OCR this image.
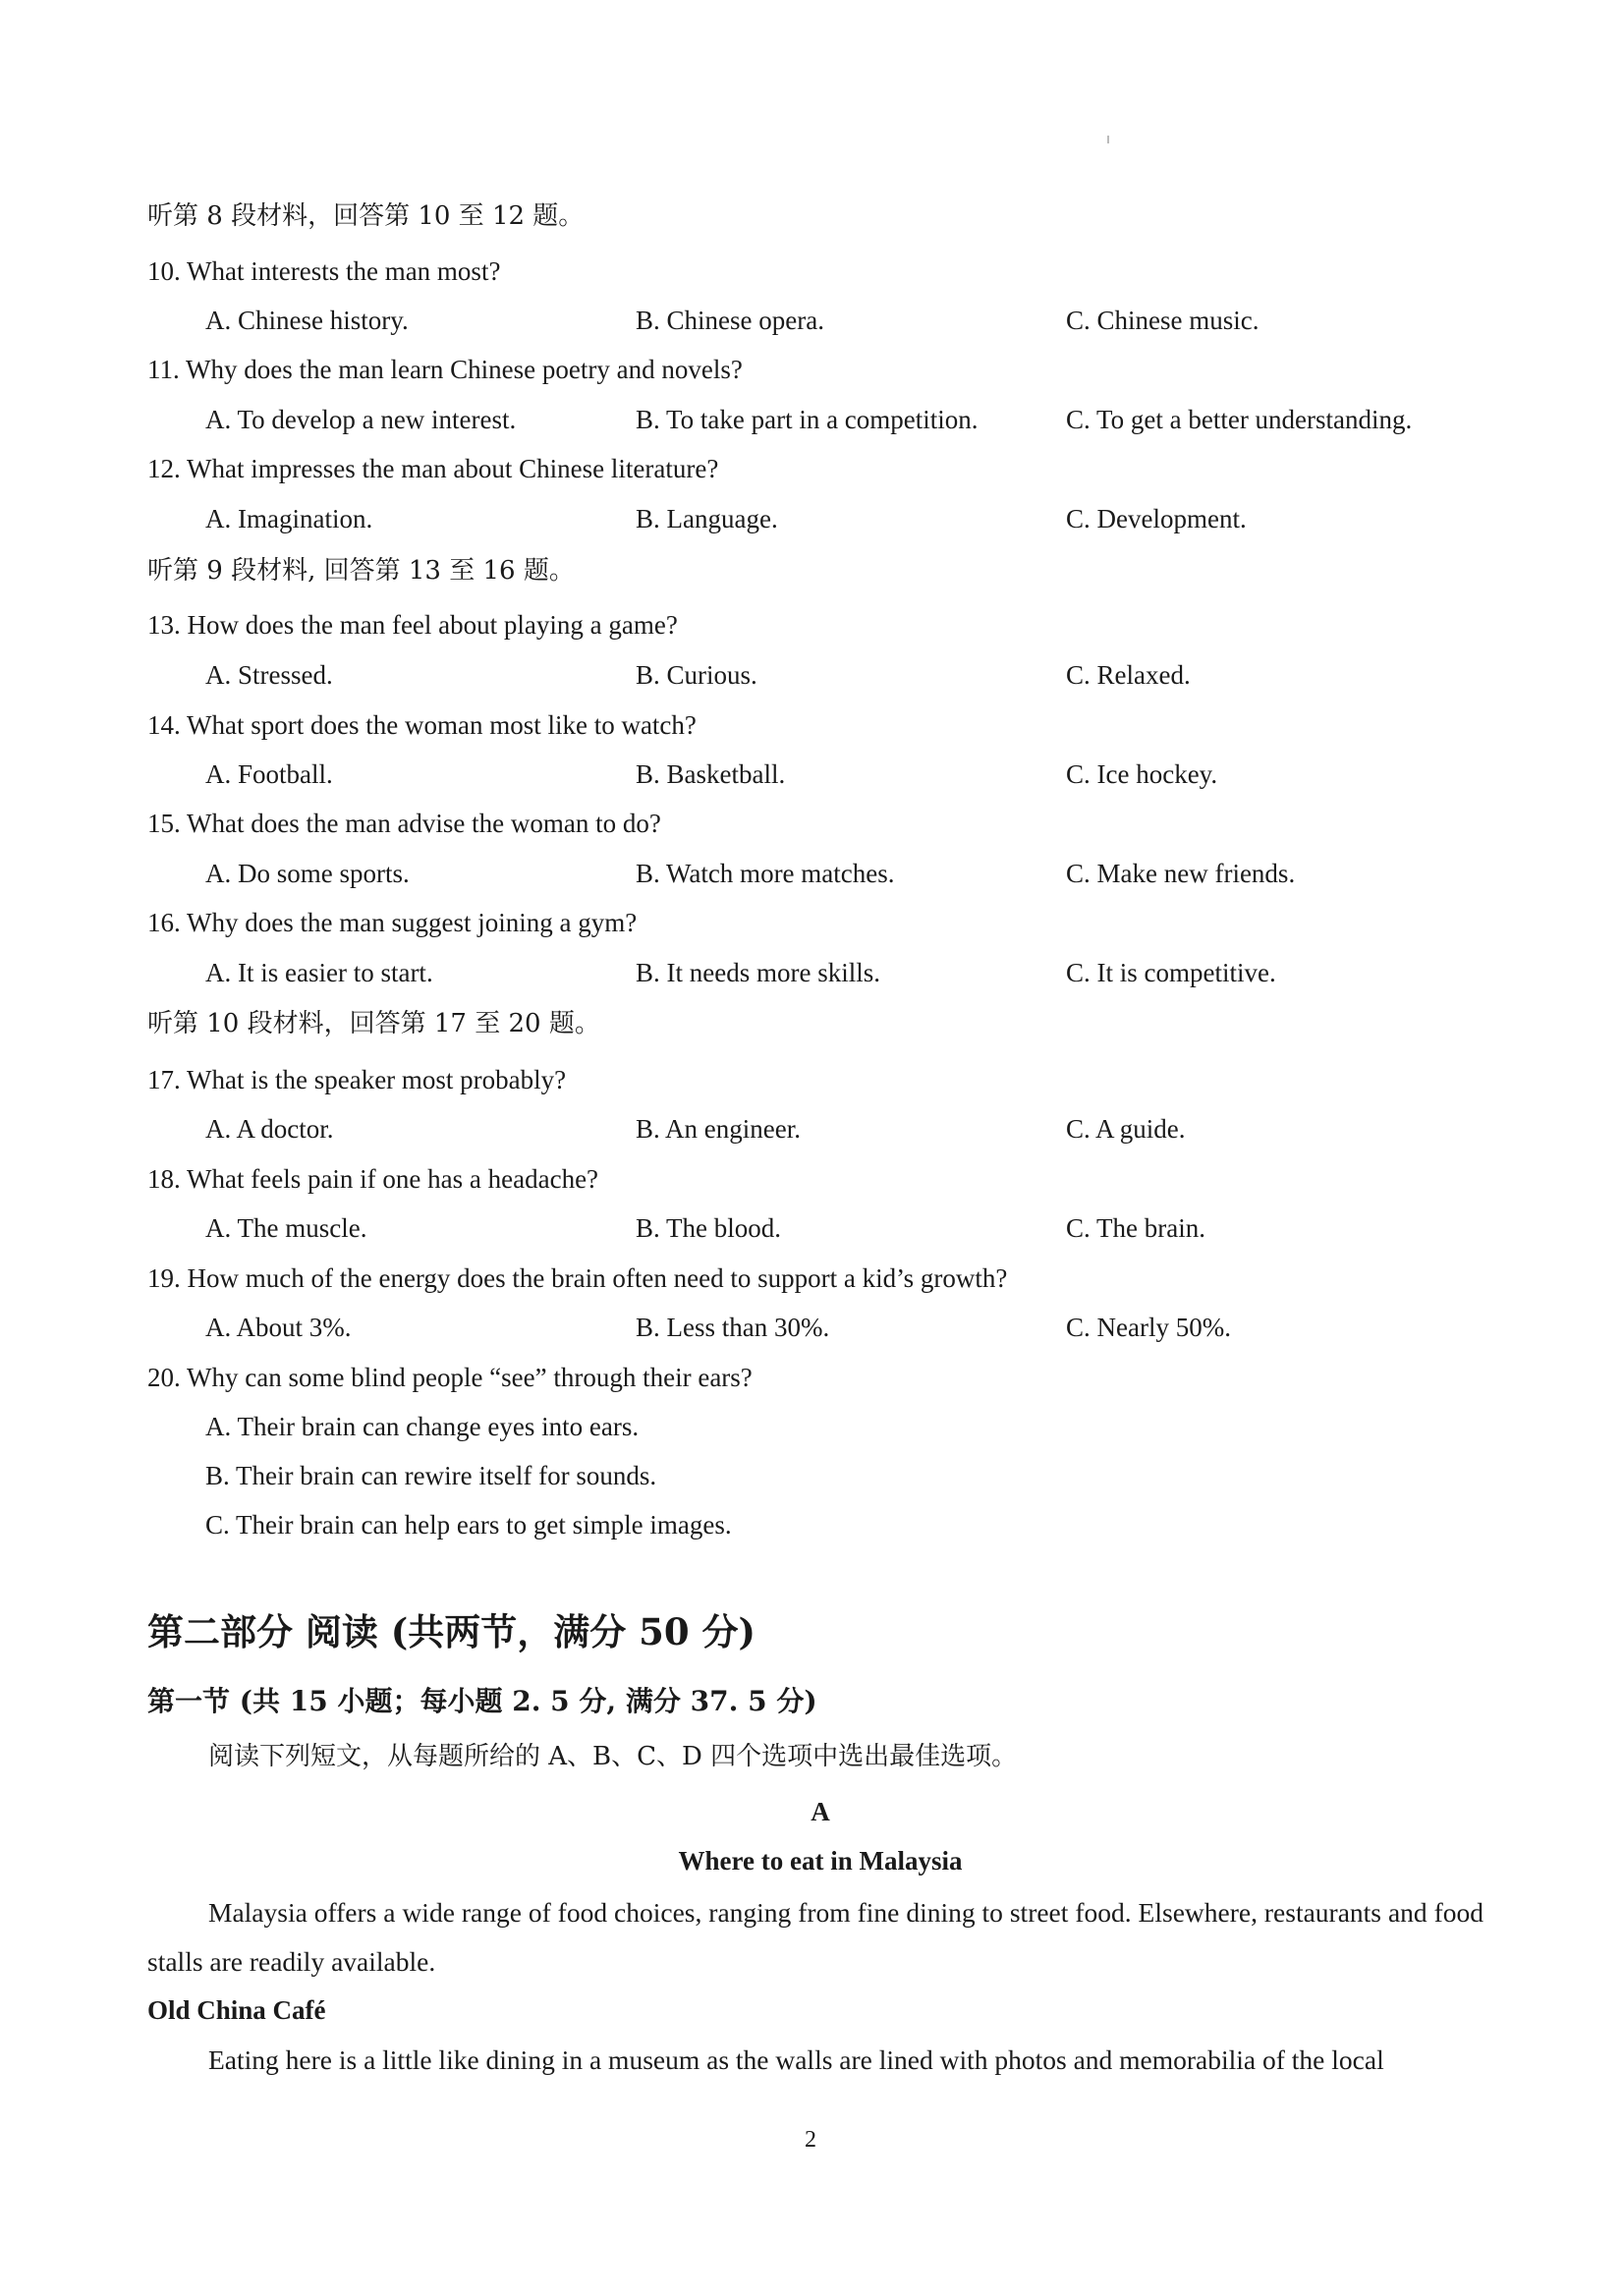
听第 8 段材料，回答第 10 至 12 题。
10. What interests the man most?
A. Chinese history.	B. Chinese opera.	C. Chinese music.
11. Why does the man learn Chinese poetry and novels?
A. To develop a new interest.	B. To take part in a competition.	C. To get a better understanding.
12. What impresses the man about Chinese literature?
A. Imagination.	B. Language.	C. Development.
听第 9 段材料, 回答第 13 至 16 题。
13. How does the man feel about playing a game?
A. Stressed.	B. Curious.	C. Relaxed.
14. What sport does the woman most like to watch?
A. Football.	B. Basketball.	C. Ice hockey.
15. What does the man advise the woman to do?
A. Do some sports.	B. Watch more matches.	C. Make new friends.
16. Why does the man suggest joining a gym?
A. It is easier to start.	B. It needs more skills.	C. It is competitive.
听第 10 段材料，回答第 17 至 20 题。
17. What is the speaker most probably?
A. A doctor.	B. An engineer.	C. A guide.
18. What feels pain if one has a headache?
A. The muscle.	B. The blood.	C. The brain.
19. How much of the energy does the brain often need to support a kid’s growth?
A. About 3%.	B. Less than 30%.	C. Nearly 50%.
20. Why can some blind people “see” through their ears?
A. Their brain can change eyes into ears.
B. Their brain can rewire itself for sounds.
C. Their brain can help ears to get simple images.
第二部分 阅读 (共两节，满分 50 分)
第一节 (共 15 小题；每小题 2. 5 分, 满分 37. 5 分)
阅读下列短文，从每题所给的 A、B、C、D 四个选项中选出最佳选项。
A
Where to eat in Malaysia
Malaysia offers a wide range of food choices, ranging from fine dining to street food. Elsewhere, restaurants and food stalls are readily available.
Old China Café
Eating here is a little like dining in a museum as the walls are lined with photos and memorabilia of the local
2
